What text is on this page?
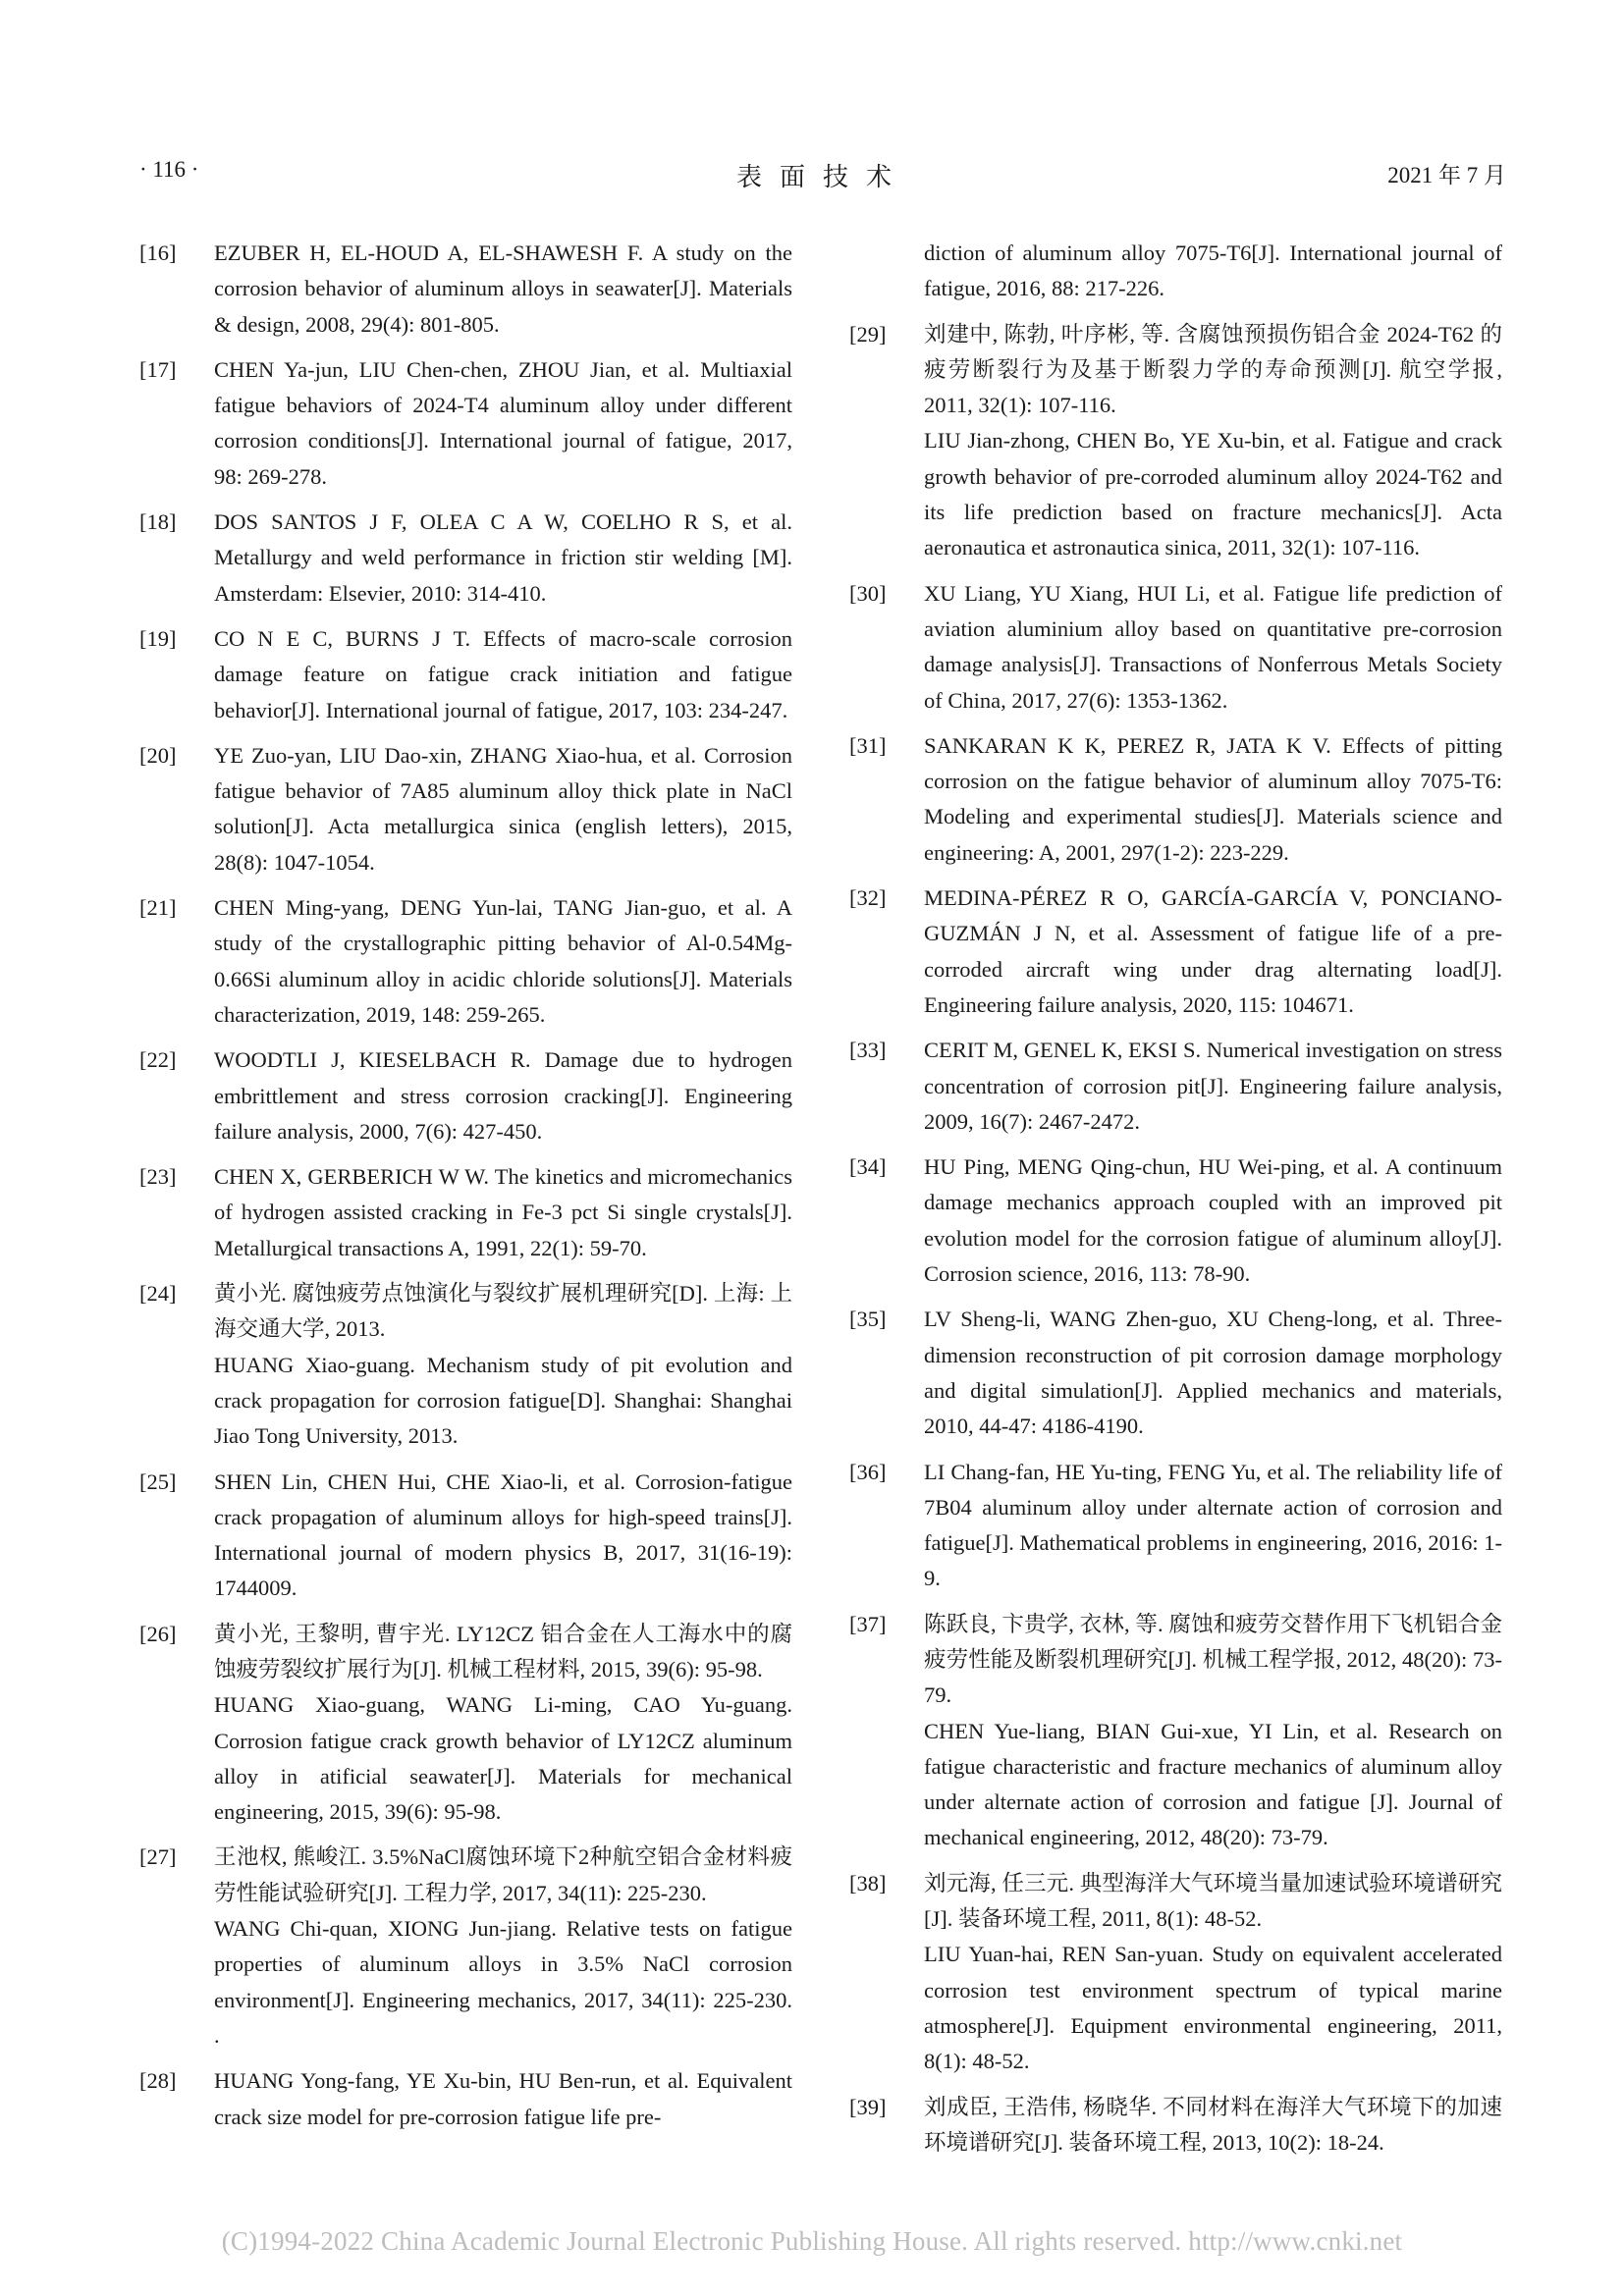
· 116 ·	表面技术	2021 年 7 月
[16] EZUBER H, EL-HOUD A, EL-SHAWESH F. A study on the corrosion behavior of aluminum alloys in seawater[J]. Materials & design, 2008, 29(4): 801-805.
[17] CHEN Ya-jun, LIU Chen-chen, ZHOU Jian, et al. Multiaxial fatigue behaviors of 2024-T4 aluminum alloy under different corrosion conditions[J]. International journal of fatigue, 2017, 98: 269-278.
[18] DOS SANTOS J F, OLEA C A W, COELHO R S, et al. Metallurgy and weld performance in friction stir welding [M]. Amsterdam: Elsevier, 2010: 314-410.
[19] CO N E C, BURNS J T. Effects of macro-scale corrosion damage feature on fatigue crack initiation and fatigue behavior[J]. International journal of fatigue, 2017, 103: 234-247.
[20] YE Zuo-yan, LIU Dao-xin, ZHANG Xiao-hua, et al. Corrosion fatigue behavior of 7A85 aluminum alloy thick plate in NaCl solution[J]. Acta metallurgica sinica (english letters), 2015, 28(8): 1047-1054.
[21] CHEN Ming-yang, DENG Yun-lai, TANG Jian-guo, et al. A study of the crystallographic pitting behavior of Al-0.54Mg-0.66Si aluminum alloy in acidic chloride solutions[J]. Materials characterization, 2019, 148: 259-265.
[22] WOODTLI J, KIESELBACH R. Damage due to hydrogen embrittlement and stress corrosion cracking[J]. Engineering failure analysis, 2000, 7(6): 427-450.
[23] CHEN X, GERBERICH W W. The kinetics and micromechanics of hydrogen assisted cracking in Fe-3 pct Si single crystals[J]. Metallurgical transactions A, 1991, 22(1): 59-70.
[24] 黄小光. 腐蚀疲劳点蚀演化与裂纹扩展机理研究[D]. 上海: 上海交通大学, 2013.
HUANG Xiao-guang. Mechanism study of pit evolution and crack propagation for corrosion fatigue[D]. Shanghai: Shanghai Jiao Tong University, 2013.
[25] SHEN Lin, CHEN Hui, CHE Xiao-li, et al. Corrosion-fatigue crack propagation of aluminum alloys for high-speed trains[J]. International journal of modern physics B, 2017, 31(16-19): 1744009.
[26] 黄小光, 王黎明, 曹宇光. LY12CZ 铝合金在人工海水中的腐蚀疲劳裂纹扩展行为[J]. 机械工程材料, 2015, 39(6): 95-98.
HUANG Xiao-guang, WANG Li-ming, CAO Yu-guang. Corrosion fatigue crack growth behavior of LY12CZ aluminum alloy in atificial seawater[J]. Materials for mechanical engineering, 2015, 39(6): 95-98.
[27] 王池权, 熊峻江. 3.5%NaCl腐蚀环境下2种航空铝合金材料疲劳性能试验研究[J]. 工程力学, 2017, 34(11): 225-230.
WANG Chi-quan, XIONG Jun-jiang. Relative tests on fatigue properties of aluminum alloys in 3.5% NaCl corrosion environment[J]. Engineering mechanics, 2017, 34(11): 225-230. .
[28] HUANG Yong-fang, YE Xu-bin, HU Ben-run, et al. Equivalent crack size model for pre-corrosion fatigue life pre-
diction of aluminum alloy 7075-T6[J]. International journal of fatigue, 2016, 88: 217-226.
[29] 刘建中, 陈勃, 叶序彬, 等. 含腐蚀预损伤铝合金 2024-T62 的疲劳断裂行为及基于断裂力学的寿命预测[J]. 航空学报, 2011, 32(1): 107-116.
LIU Jian-zhong, CHEN Bo, YE Xu-bin, et al. Fatigue and crack growth behavior of pre-corroded aluminum alloy 2024-T62 and its life prediction based on fracture mechanics[J]. Acta aeronautica et astronautica sinica, 2011, 32(1): 107-116.
[30] XU Liang, YU Xiang, HUI Li, et al. Fatigue life prediction of aviation aluminium alloy based on quantitative pre-corrosion damage analysis[J]. Transactions of Nonferrous Metals Society of China, 2017, 27(6): 1353-1362.
[31] SANKARAN K K, PEREZ R, JATA K V. Effects of pitting corrosion on the fatigue behavior of aluminum alloy 7075-T6: Modeling and experimental studies[J]. Materials science and engineering: A, 2001, 297(1-2): 223-229.
[32] MEDINA-PÉREZ R O, GARCÍA-GARCÍA V, PONCIANO-GUZMÁN J N, et al. Assessment of fatigue life of a pre-corroded aircraft wing under drag alternating load[J]. Engineering failure analysis, 2020, 115: 104671.
[33] CERIT M, GENEL K, EKSI S. Numerical investigation on stress concentration of corrosion pit[J]. Engineering failure analysis, 2009, 16(7): 2467-2472.
[34] HU Ping, MENG Qing-chun, HU Wei-ping, et al. A continuum damage mechanics approach coupled with an improved pit evolution model for the corrosion fatigue of aluminum alloy[J]. Corrosion science, 2016, 113: 78-90.
[35] LV Sheng-li, WANG Zhen-guo, XU Cheng-long, et al. Three-dimension reconstruction of pit corrosion damage morphology and digital simulation[J]. Applied mechanics and materials, 2010, 44-47: 4186-4190.
[36] LI Chang-fan, HE Yu-ting, FENG Yu, et al. The reliability life of 7B04 aluminum alloy under alternate action of corrosion and fatigue[J]. Mathematical problems in engineering, 2016, 2016: 1-9.
[37] 陈跃良, 卞贵学, 衣林, 等. 腐蚀和疲劳交替作用下飞机铝合金疲劳性能及断裂机理研究[J]. 机械工程学报, 2012, 48(20): 73-79.
CHEN Yue-liang, BIAN Gui-xue, YI Lin, et al. Research on fatigue characteristic and fracture mechanics of aluminum alloy under alternate action of corrosion and fatigue [J]. Journal of mechanical engineering, 2012, 48(20): 73-79.
[38] 刘元海, 任三元. 典型海洋大气环境当量加速试验环境谱研究[J]. 装备环境工程, 2011, 8(1): 48-52.
LIU Yuan-hai, REN San-yuan. Study on equivalent accelerated corrosion test environment spectrum of typical marine atmosphere[J]. Equipment environmental engineering, 2011, 8(1): 48-52.
[39] 刘成臣, 王浩伟, 杨晓华. 不同材料在海洋大气环境下的加速环境谱研究[J]. 装备环境工程, 2013, 10(2): 18-24.
(C)1994-2022 China Academic Journal Electronic Publishing House. All rights reserved. http://www.cnki.net
